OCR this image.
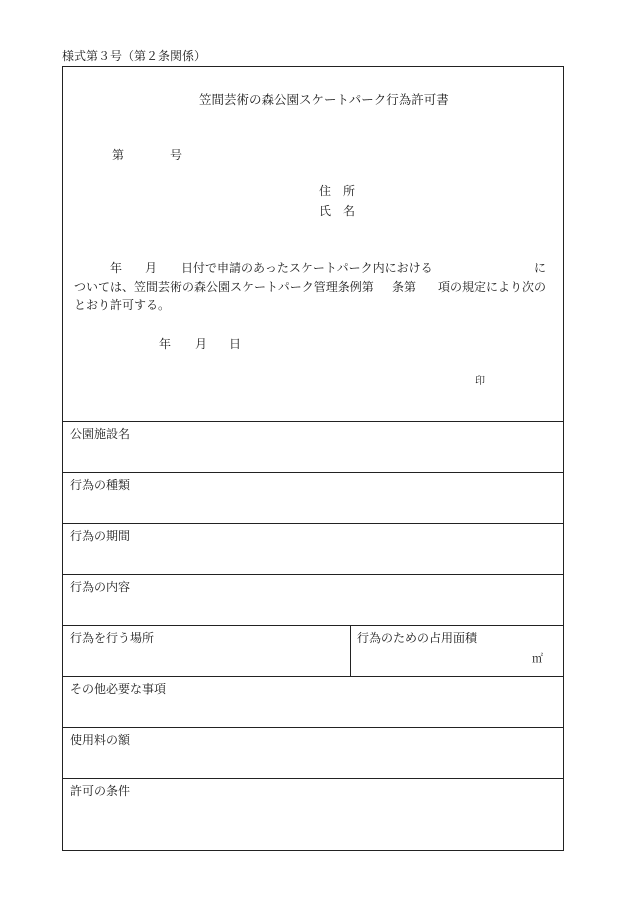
様式第３号（第２条関係）
笠間芸術の森公園スケートパーク行為許可書
第	号
住　所
氏　名
年 月 日付で申請のあったスケートパーク内における	に
ついては、笠間芸術の森公園スケートパーク管理条例第 条第 項の規定により次の
とおり許可する。
年 月 日
印
公園施設名
行為の種類
行為の期間
行為の内容
行為を行う場所	行為のための占用面積
㎡
その他必要な事項
使用料の額
許可の条件
